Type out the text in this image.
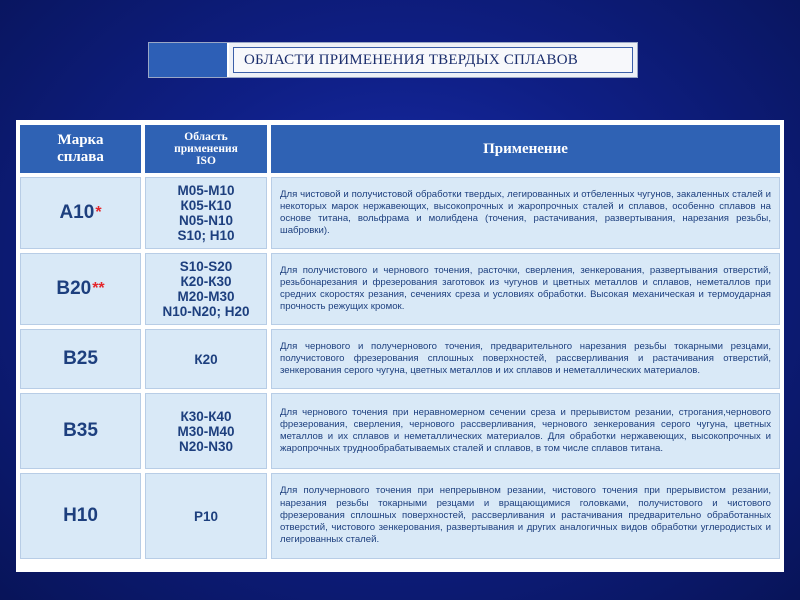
ОБЛАСТИ ПРИМЕНЕНИЯ ТВЕРДЫХ СПЛАВОВ
Марка
сплава
Область
применения
ISO
Применение
А10 *
М05-М10
К05-К10
N05-N10
S10; Н10
Для чистовой и получистовой обработки твердых, легированных и отбеленных чугунов, закаленных сталей и некоторых марок нержавеющих, высокопрочных и жаропрочных сталей и сплавов, особенно сплавов на основе титана, вольфрама и молибдена (точения, растачивания, развертывания, нарезания резьбы, шабровки).
В20 **
S10-S20
К20-К30
М20-М30
N10-N20; Н20
Для получистового и чернового точения, расточки, сверления, зенкерования, развертывания отверстий, резьбонарезания и фрезерования заготовок из чугунов и цветных металлов и сплавов, неметаллов при средних скоростях резания, сечениях среза и условиях обработки. Высокая механическая и термоударная прочность режущих кромок.
В25	К20
Для чернового и получернового точения, предварительного нарезания резьбы токарными резцами, получистового фрезерования сплошных поверхностей, рассверливания и растачивания отверстий, зенкерования серого чугуна, цветных металлов и их сплавов и неметаллических материалов.
В35
К30-К40
М30-М40
N20-N30
Для чернового точения при неравномерном сечении среза и прерывистом резании, строгания,чернового фрезерования, сверления, чернового рассверливания, чернового зенкерования серого чугуна, цветных металлов и их сплавов и неметаллических материалов. Для обработки нержавеющих, высокопрочных и жаропрочных труднообрабатываемых сталей и сплавов, в том числе сплавов титана.
Н10	Р10
Для получернового точения при непрерывном резании, чистового точения при прерывистом резании, нарезания резьбы токарными резцами и вращающимися головками, получистового и чистового фрезерования сплошных поверхностей, рассверливания и растачивания предварительно обработанных отверстий, чистового зенкерования, развертывания и других аналогичных видов обработки углеродистых и легированных сталей.
